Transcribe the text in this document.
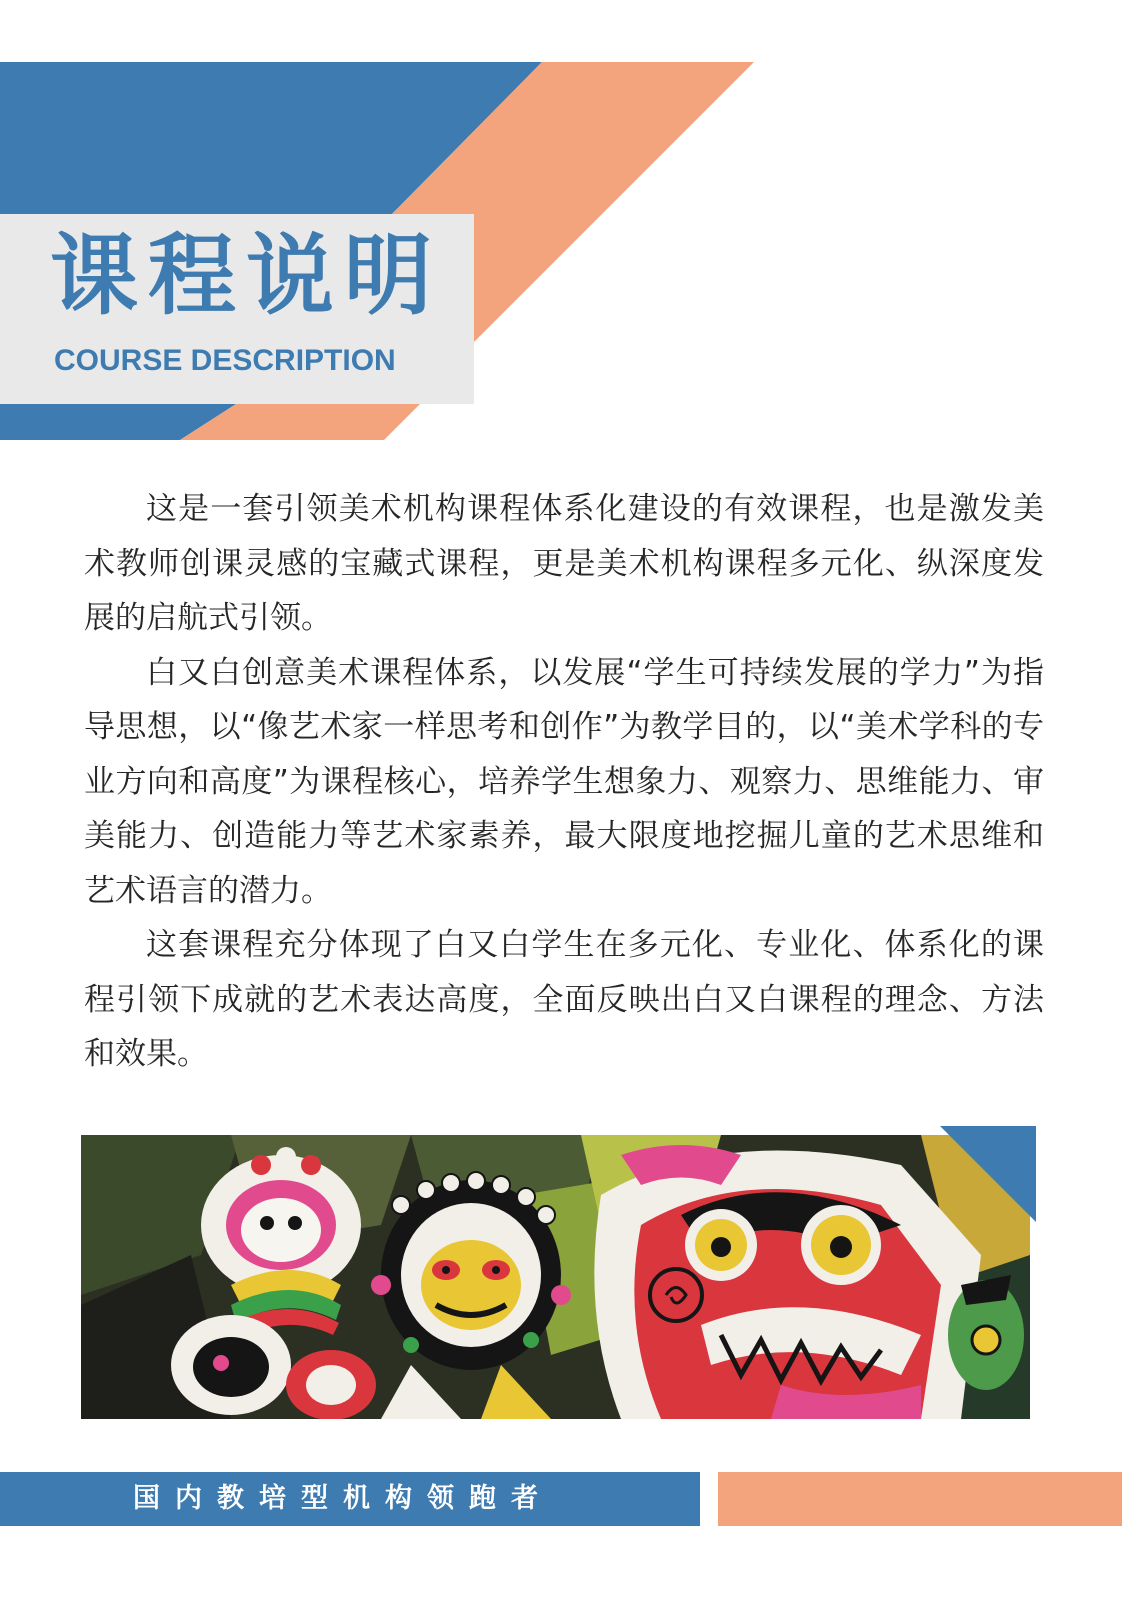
课程说明
COURSE DESCRIPTION

这是一套引领美术机构课程体系化建设的有效课程，也是激发美术教师创课灵感的宝藏式课程，更是美术机构课程多元化、纵深度发展的启航式引领。

白又白创意美术课程体系，以发展“学生可持续发展的学力”为指导思想，以“像艺术家一样思考和创作”为教学目的，以“美术学科的专业方向和高度”为课程核心，培养学生想象力、观察力、思维能力、审美能力、创造能力等艺术家素养，最大限度地挖掘儿童的艺术思维和艺术语言的潜力。

这套课程充分体现了白又白学生在多元化、专业化、体系化的课程引领下成就的艺术表达高度，全面反映出白又白课程的理念、方法和效果。

国内教培型机构领跑者
